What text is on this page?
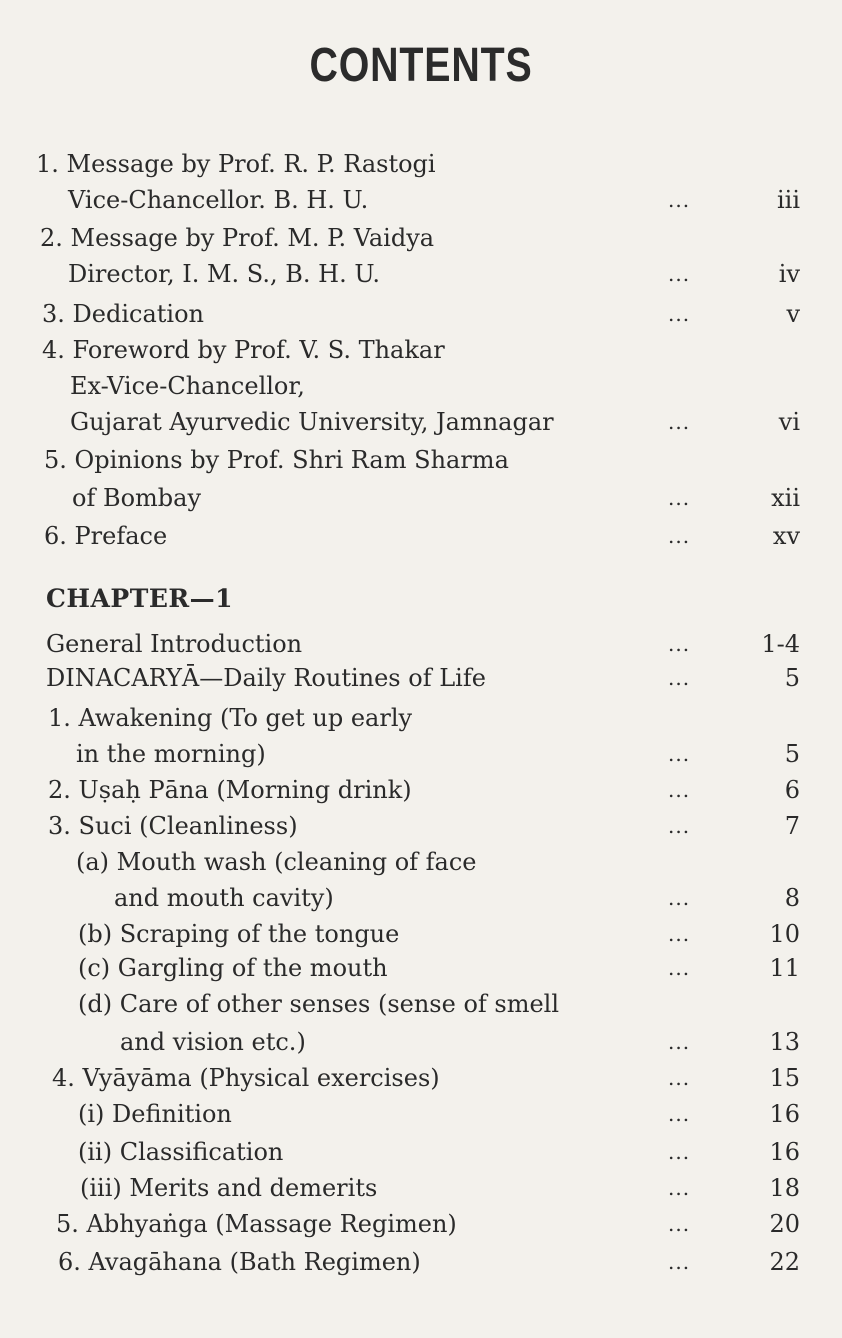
CONTENTS
1. Message by Prof. R. P. Rastogi
Vice-Chancellor. B. H. U.	...	iii
2. Message by Prof. M. P. Vaidya
Director, I. M. S., B. H. U.	...	iv
3. Dedication	...	v
4. Foreword by Prof. V. S. Thakar
Ex-Vice-Chancellor,
Gujarat Ayurvedic University, Jamnagar	...	vi
5. Opinions by Prof. Shri Ram Sharma
of Bombay	...	xii
6. Preface	...	xv
CHAPTER—1
General Introduction	...	1-4
DINACARYĀ—Daily Routines of Life	...	5
1. Awakening (To get up early
in the morning)	...	5
2. Uṣaḥ Pāna (Morning drink)	...	6
3. Suci (Cleanliness)	...	7
(a) Mouth wash (cleaning of face
and mouth cavity)	...	8
(b) Scraping of the tongue	...	10
(c) Gargling of the mouth	...	11
(d) Care of other senses (sense of smell
and vision etc.)	...	13
4. Vyāyāma (Physical exercises)	...	15
(i) Definition	...	16
(ii) Classification	...	16
(iii) Merits and demerits	...	18
5. Abhyaṅga (Massage Regimen)	...	20
6. Avagāhana (Bath Regimen)	...	22
